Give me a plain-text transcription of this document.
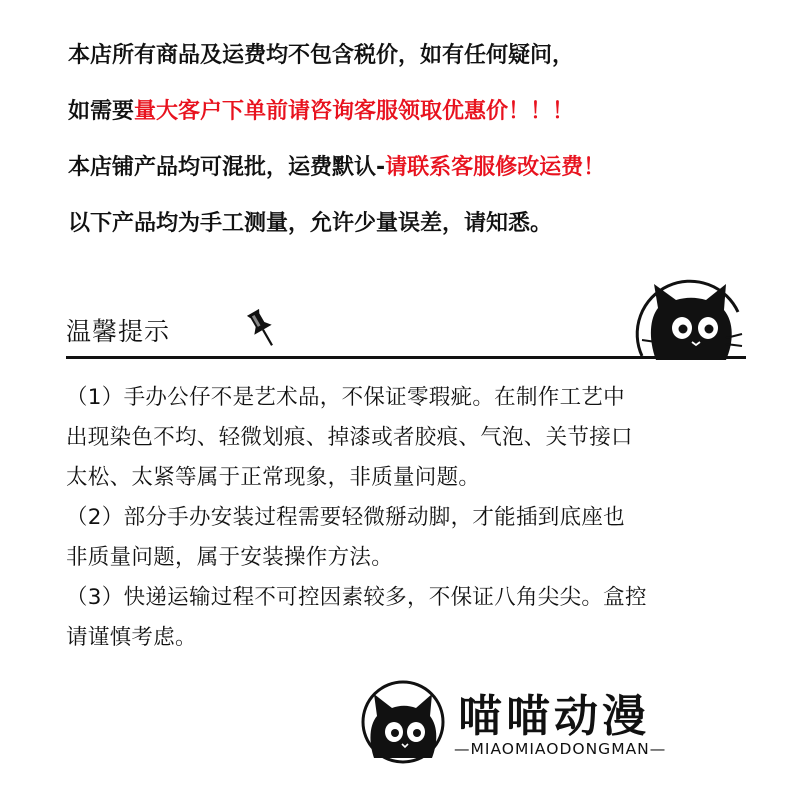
本店所有商品及运费均不包含税价，如有任何疑问，
如需要量大客户下单前请咨询客服领取优惠价！！！
本店铺产品均可混批，运费默认-请联系客服修改运费！
以下产品均为手工测量，允许少量误差，请知悉。
温馨提示
（1）手办公仔不是艺术品，不保证零瑕疵。在制作工艺中
出现染色不均、轻微划痕、掉漆或者胶痕、气泡、关节接口
太松、太紧等属于正常现象，非质量问题。
（2）部分手办安装过程需要轻微掰动脚，才能插到底座也
非质量问题，属于安装操作方法。
（3）快递运输过程不可控因素较多，不保证八角尖尖。盒控
请谨慎考虑。
喵喵动漫
—MIAOMIAODONGMAN—
